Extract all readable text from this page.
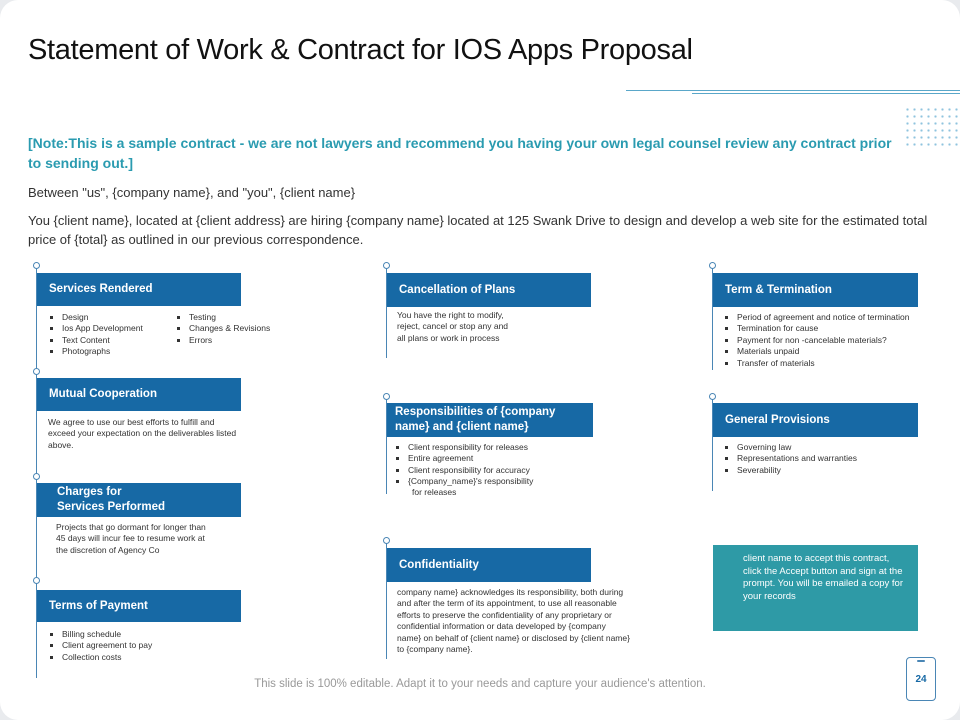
Statement of Work & Contract for IOS Apps Proposal
[Note:This is a sample contract - we are not lawyers and recommend you having your own legal counsel review any contract prior to sending out.]
Between "us", {company name}, and "you", {client name}
You {client name}, located at {client address} are hiring {company name} located at 125 Swank Drive to design and develop a web site for the estimated total price of {total} as outlined in our previous correspondence.
Services Rendered
Design
Ios App Development
Text Content
Photographs
Testing
Changes & Revisions
Errors
Mutual Cooperation
We agree to use our best efforts to fulfill and exceed your expectation on the deliverables listed above.
Charges for
Services Performed
Projects that go dormant for longer than 45 days will incur fee to resume work at the discretion of Agency Co
Terms of Payment
Billing schedule
Client agreement to pay
Collection costs
Cancellation of Plans
You have the right to modify, reject, cancel or stop any and all plans or work in process
Responsibilities of {company
name} and {client name}
Client responsibility for releases
Entire agreement
Client responsibility for accuracy
{Company_name}'s responsibility
for releases
Confidentiality
company name} acknowledges its responsibility, both during and after the term of its appointment, to use all reasonable efforts to preserve the confidentiality of any proprietary or confidential information or data developed by {company name} on behalf of {client name} or disclosed by {client name} to {company name}.
Term & Termination
Period of agreement and notice of termination
Termination for cause
Payment for non -cancelable materials?
Materials unpaid
Transfer of materials
General Provisions
Governing law
Representations and warranties
Severability
client name to accept this contract, click the Accept button and sign at the prompt. You will be emailed a copy for your records
This slide is 100% editable. Adapt it to your needs and capture your audience's attention.	24
